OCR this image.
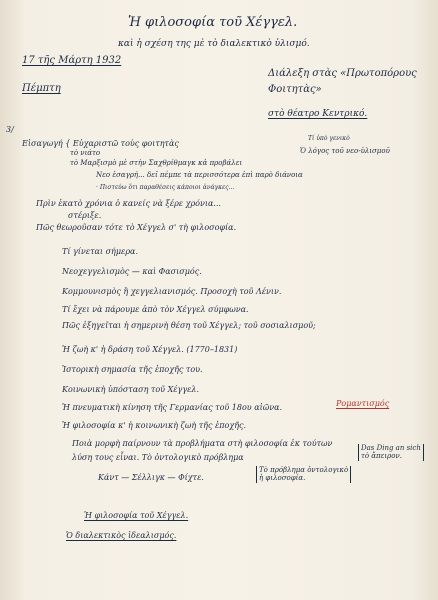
3/
Ἡ φιλοσοφία τοῦ Χέγγελ.
καὶ ἡ σχέση της μὲ τὸ διαλεκτικὸ ὑλισμό.
17 τῆς Μάρτη 1932
Πέμπτη
Διάλεξη στὰς «Πρωτοπόρους Φοιτητὰς»
στὸ θέατρο Κεντρικό.
Εἰσαγωγή { Εὐχαριστῶ τοὺς φοιτητὰς
τὸ νιάτο
τὸ Μαρξισμὸ μὲ στὴν Σαχθρίθμαγκ κἀ προβάλει
Νεο ἐσαγρή... δεῖ πέμπε τὰ περισσότερα ἐπὶ παρὸ διάνοια
· Πιστεύω ὅτι παραθέσεις κάποιοι ἀνάγκες...
Τί ὑπὸ γενικὸ
Ὁ λόγος τοῦ νεο-ὑλισμοῦ
Πρὶν ἑκατὸ χρόνια ὁ κανείς νὰ ξέρε χρόνια...
στέριξε.
Πῶς θεωροῦσαν τότε τὸ Χέγγελ σ' τὴ φιλοσοφία.
Τί γίνεται σήμερα.
Νεοχεγγελισμὸς — καὶ Φασισμός.
Κομμουνισμὸς ἢ χεγγελιανισμός. Προσοχὴ τοῦ Λένιν.
Τί ἔχει νὰ πάρουμε ἀπὸ τὸν Χέγγελ σύμφωνα.
Πῶς ἐξηγεῖται ἡ σημερινὴ θέση τοῦ Χέγγελ; τοῦ σοσιαλισμοῦ;
Ἡ ζωὴ κ' ἡ δράση τοῦ Χέγγελ. (1770–1831)
Ἱστορικὴ σημασία τῆς ἐποχῆς του.
Κοινωνικὴ ὑπόσταση τοῦ Χέγγελ.
Ἡ πνευματικὴ κίνηση τῆς Γερμανίας τοῦ 18ου αἰῶνα.
Ἡ φιλοσοφία κ' ἡ κοινωνικὴ ζωὴ τῆς ἐποχῆς.
Ποιὰ μορφὴ παίρνουν τὰ προβλήματα στὴ φιλοσοφία ἐκ τούτων
λύση τους εἶναι. Τὸ ὀντολογικὸ πρόβλημα
Κάντ — Σέλλιγκ — Φίχτε.
Ρομαντισμός
Τὸ πρόβλημα ὀντολογικὸ
ἡ φιλοσοφία.
Das Ding an sich
τὸ ἄπειρον.
Ἡ φιλοσοφία τοῦ Χέγγελ.
Ὁ διαλεκτικὸς ἰδεαλισμός.
